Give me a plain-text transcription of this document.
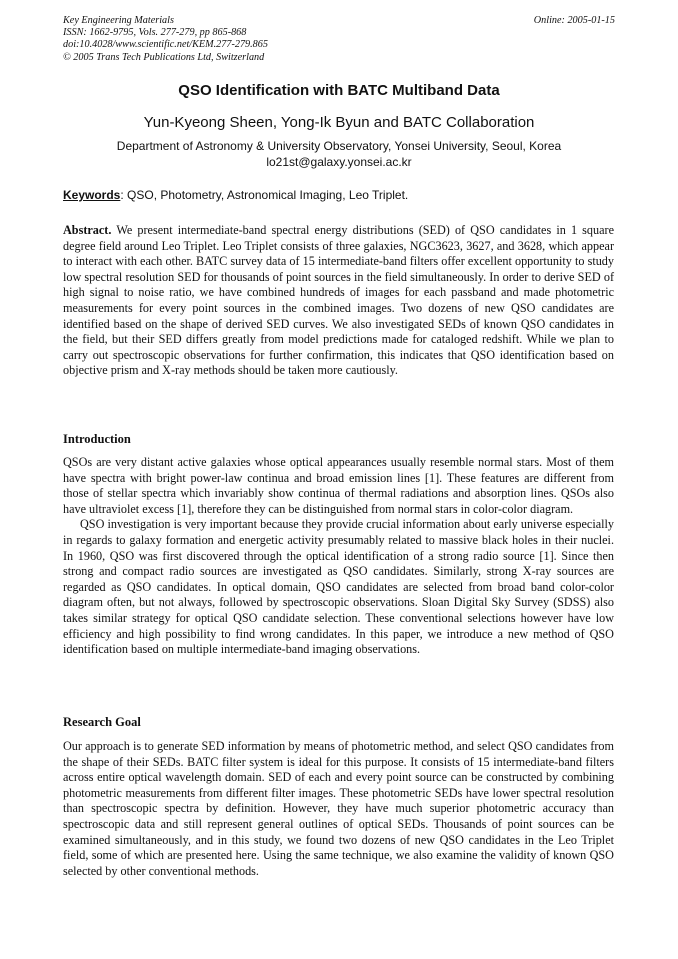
Key Engineering Materials
ISSN: 1662-9795, Vols. 277-279, pp 865-868
doi:10.4028/www.scientific.net/KEM.277-279.865
© 2005 Trans Tech Publications Ltd, Switzerland
Online: 2005-01-15
QSO Identification with BATC Multiband Data
Yun-Kyeong Sheen, Yong-Ik Byun and BATC Collaboration
Department of Astronomy & University Observatory, Yonsei University, Seoul, Korea
lo21st@galaxy.yonsei.ac.kr
Keywords: QSO, Photometry, Astronomical Imaging, Leo Triplet.
Abstract. We present intermediate-band spectral energy distributions (SED) of QSO candidates in 1 square degree field around Leo Triplet. Leo Triplet consists of three galaxies, NGC3623, 3627, and 3628, which appear to interact with each other. BATC survey data of 15 intermediate-band filters offer excellent opportunity to study low spectral resolution SED for thousands of point sources in the field simultaneously. In order to derive SED of high signal to noise ratio, we have combined hundreds of images for each passband and made photometric measurements for every point sources in the combined images. Two dozens of new QSO candidates are identified based on the shape of derived SED curves. We also investigated SEDs of known QSO candidates in the field, but their SED differs greatly from model predictions made for cataloged redshift. While we plan to carry out spectroscopic observations for further confirmation, this indicates that QSO identification based on objective prism and X-ray methods should be taken more cautiously.
Introduction

QSOs are very distant active galaxies whose optical appearances usually resemble normal stars. Most of them have spectra with bright power-law continua and broad emission lines [1]. These features are different from those of stellar spectra which invariably show continua of thermal radiations and absorption lines. QSOs also have ultraviolet excess [1], therefore they can be distinguished from normal stars in color-color diagram.

QSO investigation is very important because they provide crucial information about early universe especially in regards to galaxy formation and energetic activity presumably related to massive black holes in their nuclei. In 1960, QSO was first discovered through the optical identification of a strong radio source [1]. Since then strong and compact radio sources are investigated as QSO candidates. Similarly, strong X-ray sources are regarded as QSO candidates. In optical domain, QSO candidates are selected from broad band color-color diagram often, but not always, followed by spectroscopic observations. Sloan Digital Sky Survey (SDSS) also takes similar strategy for optical QSO candidate selection. These conventional selections however have low efficiency and high possibility to find wrong candidates. In this paper, we introduce a new method of QSO identification based on multiple intermediate-band imaging observations.

Research Goal

Our approach is to generate SED information by means of photometric method, and select QSO candidates from the shape of their SEDs. BATC filter system is ideal for this purpose. It consists of 15 intermediate-band filters across entire optical wavelength domain. SED of each and every point source can be constructed by combining photometric measurements from different filter images. These photometric SEDs have lower spectral resolution than spectroscopic spectra by definition. However, they have much superior photometric accuracy than spectroscopic data and still represent general outlines of optical SEDs. Thousands of point sources can be examined simultaneously, and in this study, we found two dozens of new QSO candidates in the Leo Triplet field, some of which are presented here. Using the same technique, we also examine the validity of known QSO selected by other conventional methods.
